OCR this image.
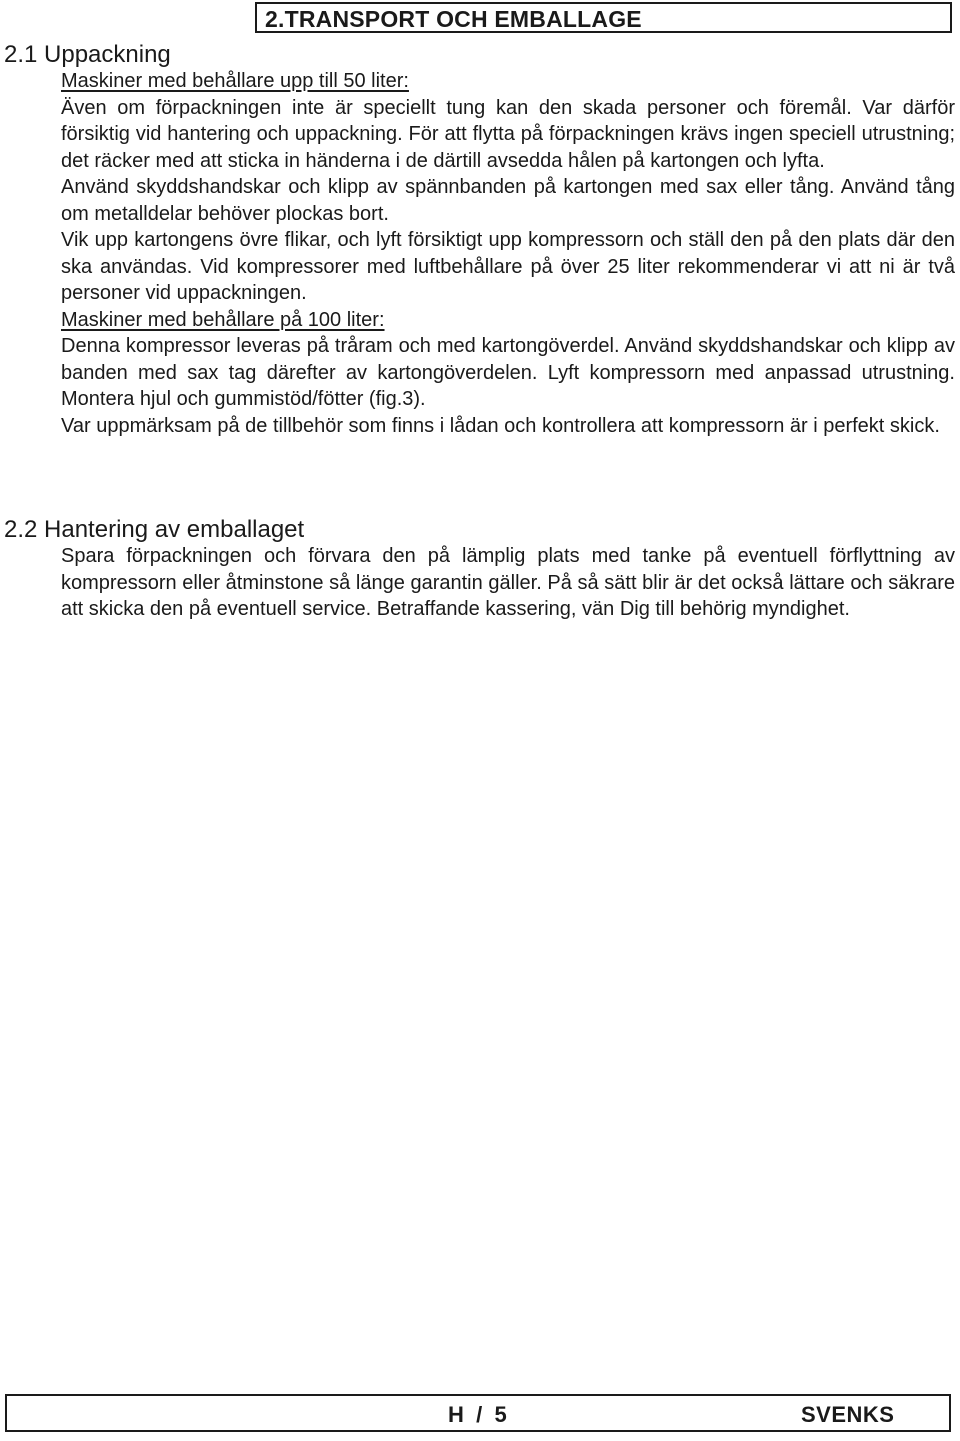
2.TRANSPORT OCH EMBALLAGE
2.1 Uppackning

Maskiner med behållare upp till 50 liter:

Även om förpackningen inte är speciellt tung kan den skada personer och föremål. Var därför försiktig vid hantering och uppackning. För att flytta på förpackningen krävs ingen speciell utrustning; det räcker med att sticka in händerna i de därtill avsedda hålen på kartongen och lyfta.

Använd skyddshandskar och klipp av spännbanden på kartongen med sax eller tång. Använd tång om metalldelar behöver plockas bort.

Vik upp kartongens övre flikar, och lyft försiktigt upp kompressorn och ställ den på den plats där den ska användas. Vid kompressorer med luftbehållare på över 25 liter rekommenderar vi att ni är två personer vid uppackningen.

Maskiner med behållare på 100 liter:

Denna kompressor leveras på tråram och med kartongöverdel. Använd skyddshandskar och klipp av banden med sax tag därefter av kartongöverdelen. Lyft kompressorn med anpassad utrustning. Montera hjul och gummistöd/fötter (fig.3).

Var uppmärksam på de tillbehör som finns i lådan och kontrollera att kompressorn är i perfekt skick.

2.2 Hantering av emballaget

Spara förpackningen och förvara den på lämplig plats med tanke på eventuell förflyttning av kompressorn eller åtminstone så länge garantin gäller. På så sätt blir är det också lättare och säkrare att skicka den på eventuell service. Betraffande kassering, vän Dig till behörig myndighet.

H  /  5	SVENKS
